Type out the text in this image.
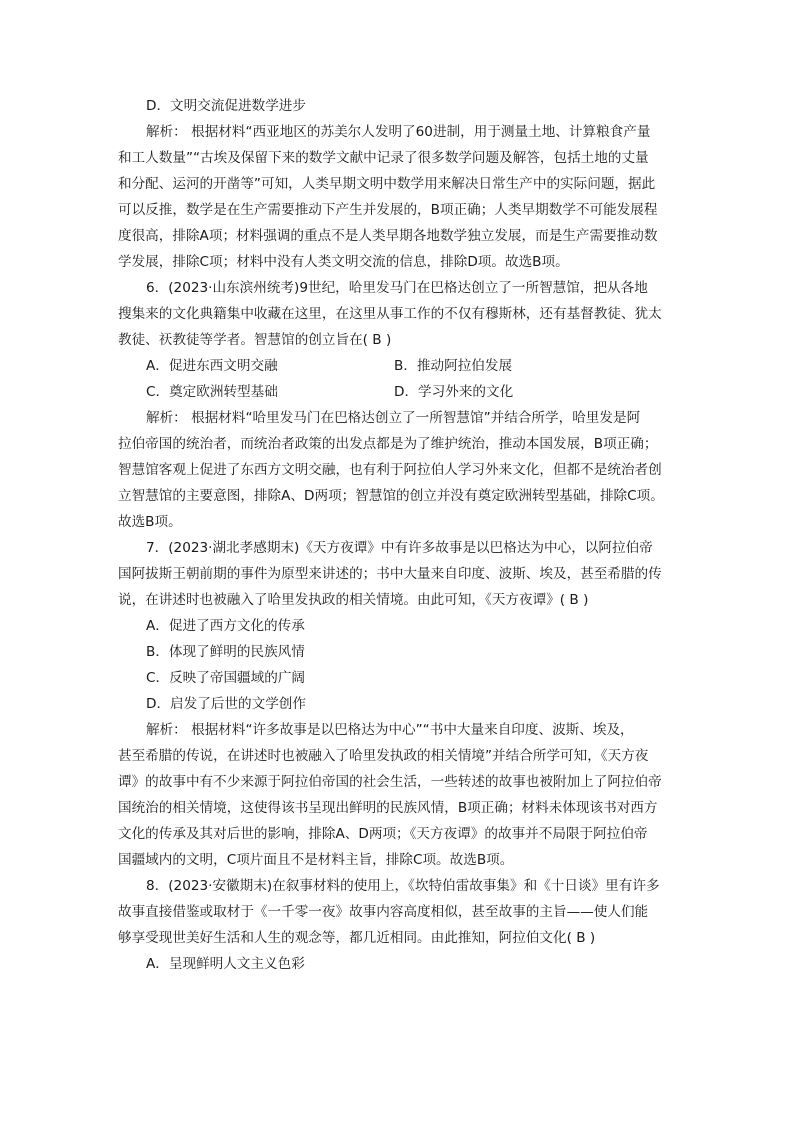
D．文明交流促进数学进步
解析： 根据材料“西亚地区的苏美尔人发明了60进制，用于测量土地、计算粮食产量
和工人数量”“古埃及保留下来的数学文献中记录了很多数学问题及解答，包括土地的丈量
和分配、运河的开凿等”可知，人类早期文明中数学用来解决日常生产中的实际问题，据此
可以反推，数学是在生产需要推动下产生并发展的，B项正确；人类早期数学不可能发展程
度很高，排除A项；材料强调的重点不是人类早期各地数学独立发展，而是生产需要推动数
学发展，排除C项；材料中没有人类文明交流的信息，排除D项。故选B项。
6．(2023·山东滨州统考)9世纪，哈里发马门在巴格达创立了一所智慧馆，把从各地
搜集来的文化典籍集中收藏在这里，在这里从事工作的不仅有穆斯林，还有基督教徒、犹太
教徒、祆教徒等学者。智慧馆的创立旨在( B )
A．促进东西文明交融	B．推动阿拉伯发展
C．奠定欧洲转型基础	D．学习外来的文化
解析： 根据材料“哈里发马门在巴格达创立了一所智慧馆”并结合所学，哈里发是阿
拉伯帝国的统治者，而统治者政策的出发点都是为了维护统治，推动本国发展，B项正确；
智慧馆客观上促进了东西方文明交融，也有利于阿拉伯人学习外来文化，但都不是统治者创
立智慧馆的主要意图，排除A、D两项；智慧馆的创立并没有奠定欧洲转型基础，排除C项。
故选B项。
7．(2023·湖北孝感期末)《天方夜谭》中有许多故事是以巴格达为中心，以阿拉伯帝
国阿拔斯王朝前期的事件为原型来讲述的；书中大量来自印度、波斯、埃及，甚至希腊的传
说，在讲述时也被融入了哈里发执政的相关情境。由此可知，《天方夜谭》( B )
A．促进了西方文化的传承
B．体现了鲜明的民族风情
C．反映了帝国疆域的广阔
D．启发了后世的文学创作
解析： 根据材料“许多故事是以巴格达为中心”“书中大量来自印度、波斯、埃及，
甚至希腊的传说，在讲述时也被融入了哈里发执政的相关情境”并结合所学可知，《天方夜
谭》的故事中有不少来源于阿拉伯帝国的社会生活，一些转述的故事也被附加上了阿拉伯帝
国统治的相关情境，这使得该书呈现出鲜明的民族风情，B项正确；材料未体现该书对西方
文化的传承及其对后世的影响，排除A、D两项；《天方夜谭》的故事并不局限于阿拉伯帝
国疆域内的文明，C项片面且不是材料主旨，排除C项。故选B项。
8．(2023·安徽期末)在叙事材料的使用上，《坎特伯雷故事集》和《十日谈》里有许多
故事直接借鉴或取材于《一千零一夜》故事内容高度相似，甚至故事的主旨——使人们能
够享受现世美好生活和人生的观念等，都几近相同。由此推知，阿拉伯文化( B )
A．呈现鲜明人文主义色彩
